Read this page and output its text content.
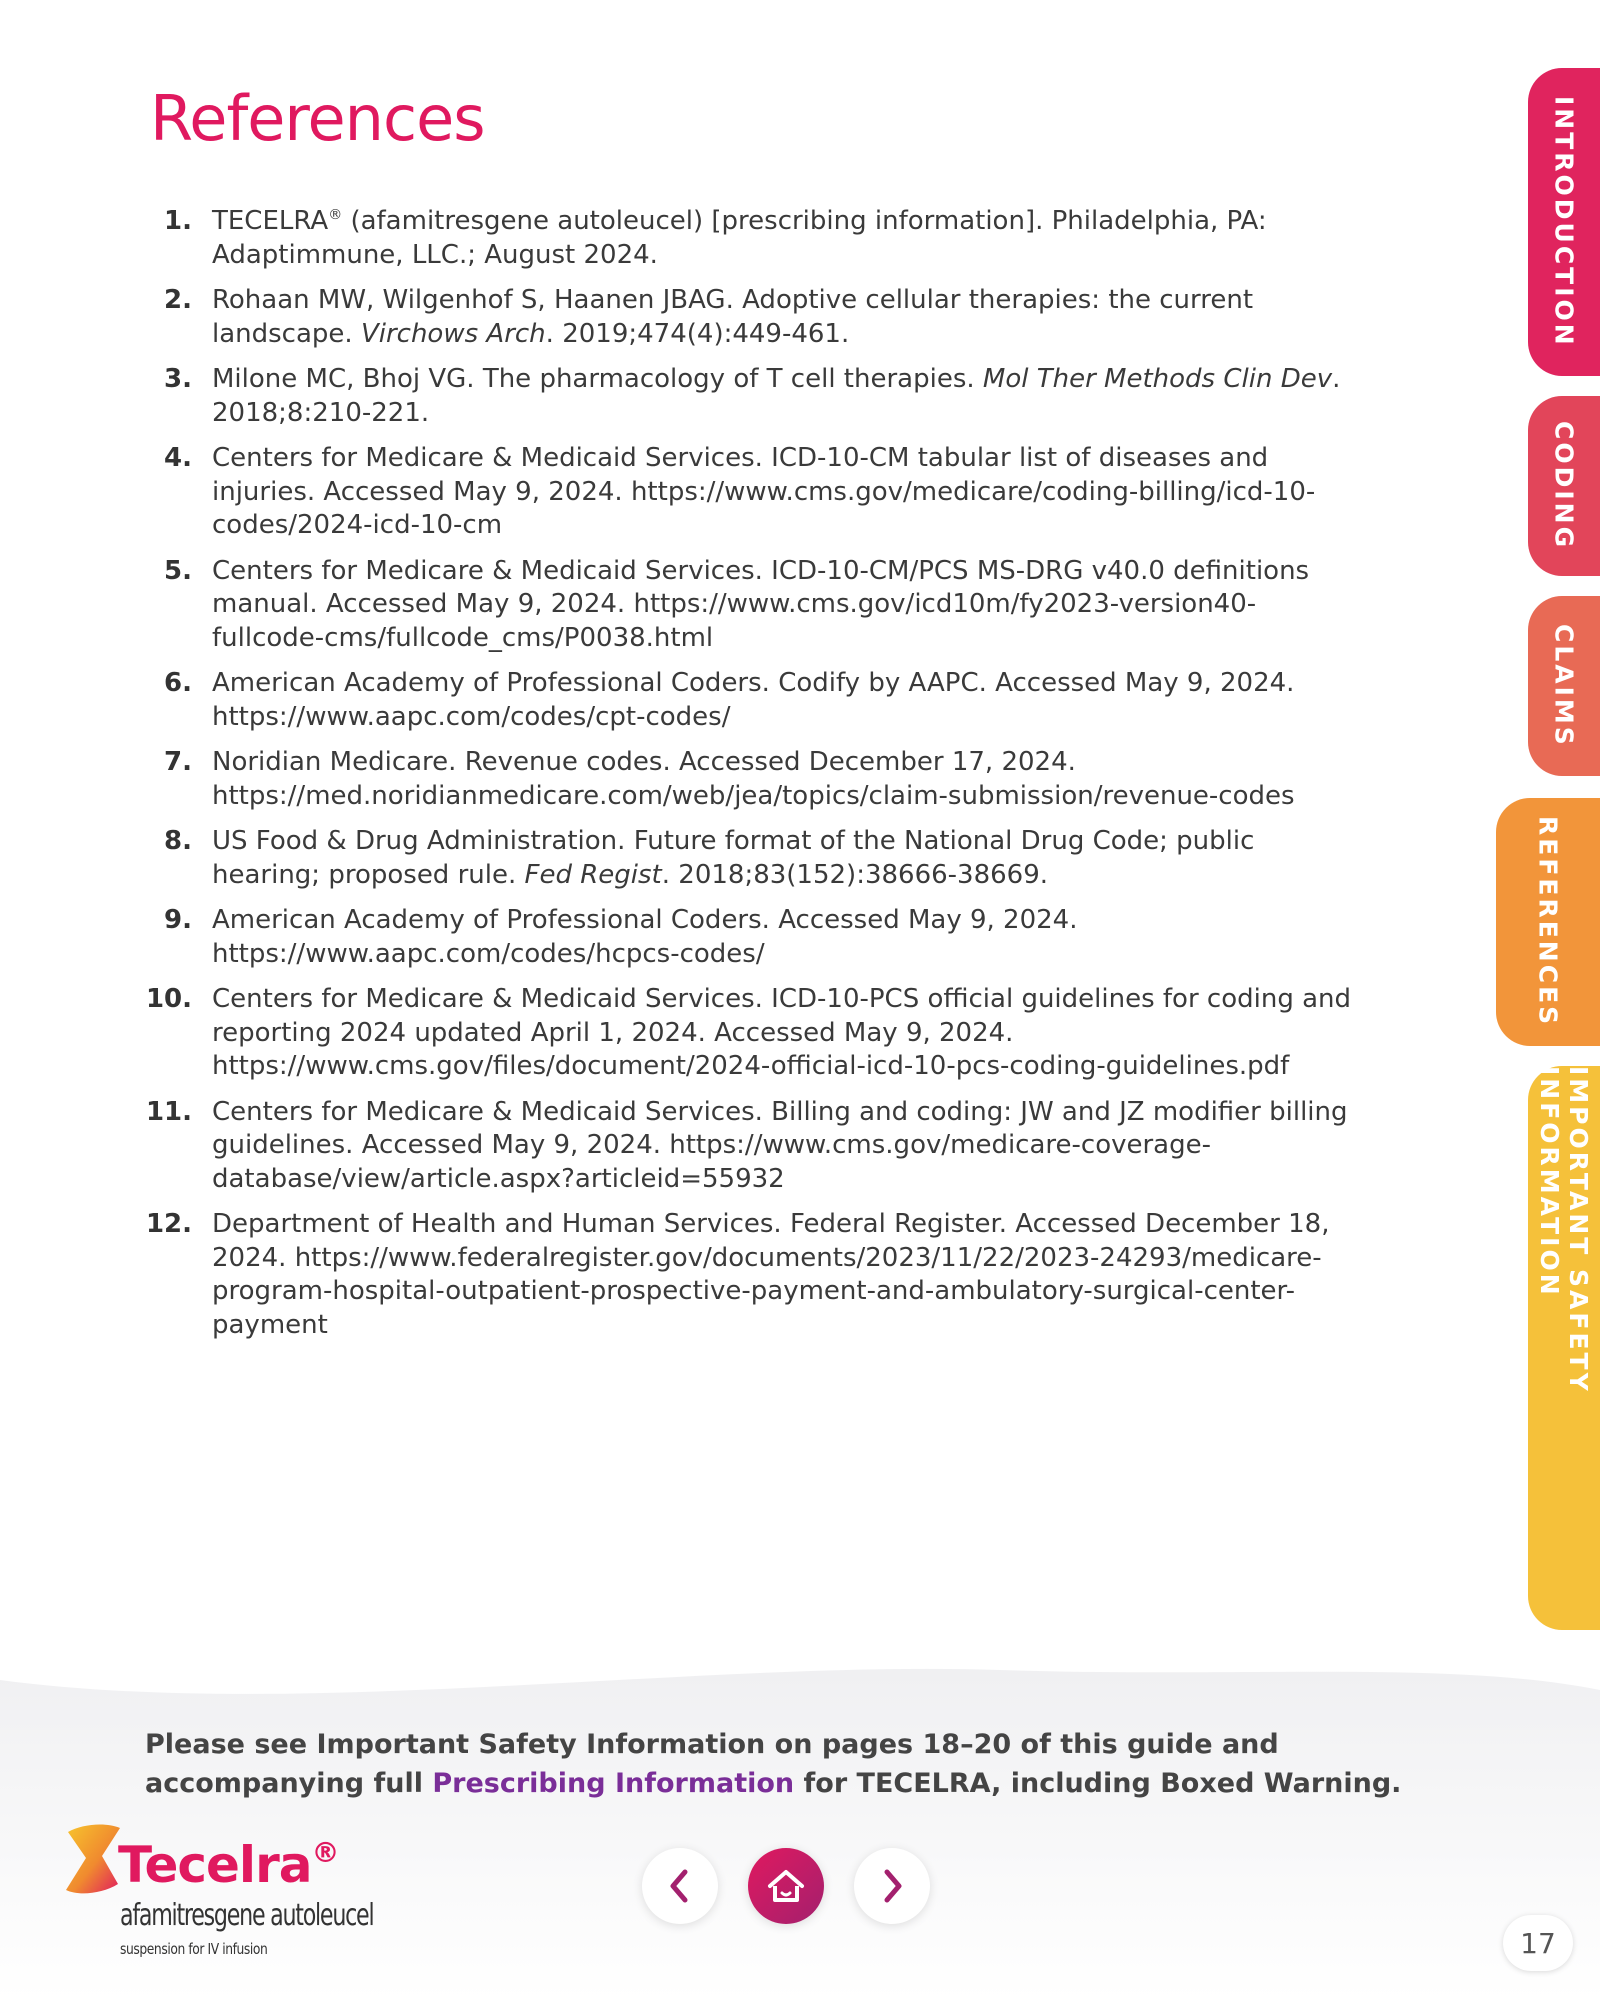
References
1. TECELRA® (afamitresgene autoleucel) [prescribing information]. Philadelphia, PA: Adaptimmune, LLC.; August 2024.
2. Rohaan MW, Wilgenhof S, Haanen JBAG. Adoptive cellular therapies: the current landscape. Virchows Arch. 2019;474(4):449-461.
3. Milone MC, Bhoj VG. The pharmacology of T cell therapies. Mol Ther Methods Clin Dev. 2018;8:210-221.
4. Centers for Medicare & Medicaid Services. ICD-10-CM tabular list of diseases and injuries. Accessed May 9, 2024. https://www.cms.gov/medicare/coding-billing/icd-10-codes/2024-icd-10-cm
5. Centers for Medicare & Medicaid Services. ICD-10-CM/PCS MS-DRG v40.0 definitions manual. Accessed May 9, 2024. https://www.cms.gov/icd10m/fy2023-version40-fullcode-cms/fullcode_cms/P0038.html
6. American Academy of Professional Coders. Codify by AAPC. Accessed May 9, 2024. https://www.aapc.com/codes/cpt-codes/
7. Noridian Medicare. Revenue codes. Accessed December 17, 2024. https://med.noridianmedicare.com/web/jea/topics/claim-submission/revenue-codes
8. US Food & Drug Administration. Future format of the National Drug Code; public hearing; proposed rule. Fed Regist. 2018;83(152):38666-38669.
9. American Academy of Professional Coders. Accessed May 9, 2024. https://www.aapc.com/codes/hcpcs-codes/
10. Centers for Medicare & Medicaid Services. ICD-10-PCS official guidelines for coding and reporting 2024 updated April 1, 2024. Accessed May 9, 2024. https://www.cms.gov/files/document/2024-official-icd-10-pcs-coding-guidelines.pdf
11. Centers for Medicare & Medicaid Services. Billing and coding: JW and JZ modifier billing guidelines. Accessed May 9, 2024. https://www.cms.gov/medicare-coverage-database/view/article.aspx?articleid=55932
12. Department of Health and Human Services. Federal Register. Accessed December 18, 2024. https://www.federalregister.gov/documents/2023/11/22/2023-24293/medicare-program-hospital-outpatient-prospective-payment-and-ambulatory-surgical-center-payment
INTRODUCTION
CODING
CLAIMS
REFERENCES
IMPORTANT SAFETY INFORMATION
Please see Important Safety Information on pages 18–20 of this guide and accompanying full Prescribing Information for TECELRA, including Boxed Warning.
Tecelra®
afamitresgene autoleucel
suspension for IV infusion	17
